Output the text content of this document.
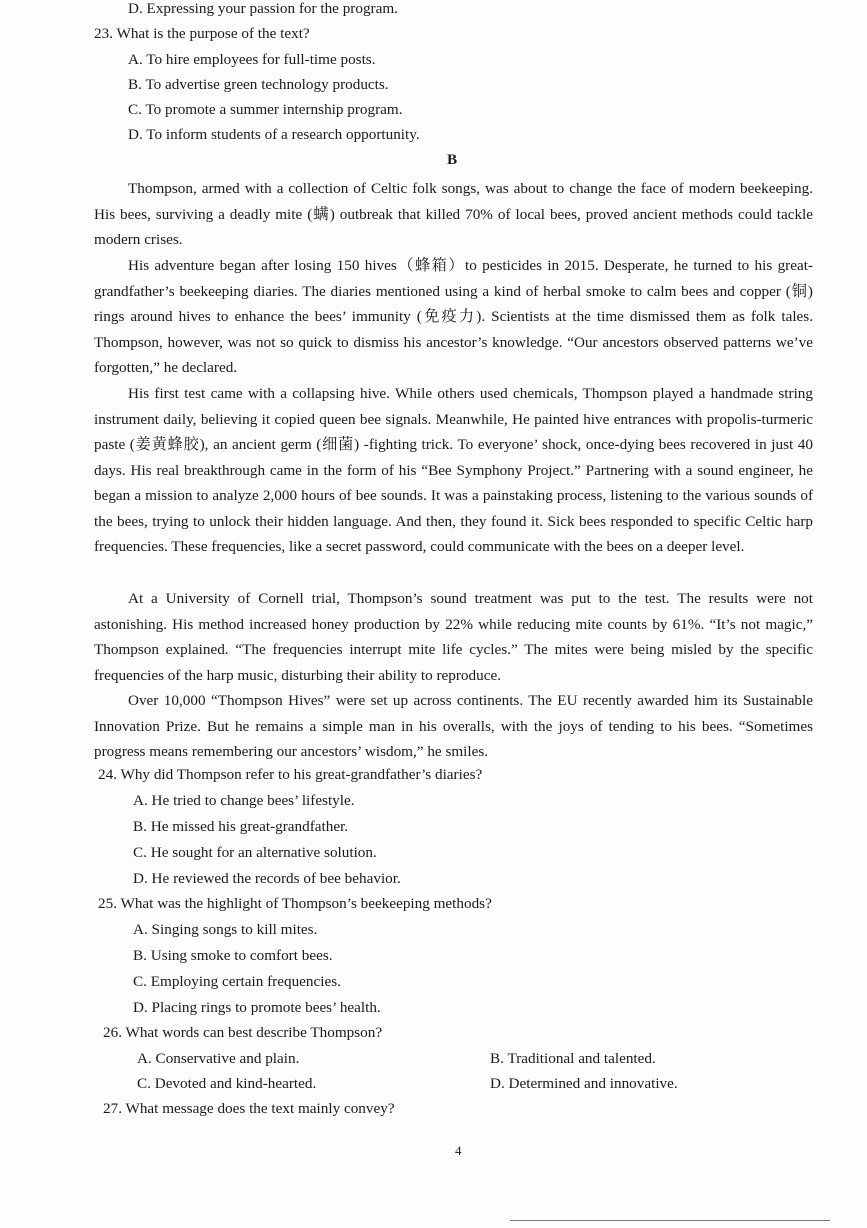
D. Expressing your passion for the program.
23. What is the purpose of the text?
A. To hire employees for full-time posts.
B. To advertise green technology products.
C. To promote a summer internship program.
D. To inform students of a research opportunity.
B
Thompson, armed with a collection of Celtic folk songs, was about to change the face of modern beekeeping. His bees, surviving a deadly mite (螨) outbreak that killed 70% of local bees, proved ancient methods could tackle modern crises.
His adventure began after losing 150 hives（蜂箱）to pesticides in 2015. Desperate, he turned to his great-grandfather’s beekeeping diaries. The diaries mentioned using a kind of herbal smoke to calm bees and copper (铜) rings around hives to enhance the bees’ immunity (免疫力). Scientists at the time dismissed them as folk tales. Thompson, however, was not so quick to dismiss his ancestor’s knowledge. “Our ancestors observed patterns we’ve forgotten,” he declared.
His first test came with a collapsing hive. While others used chemicals, Thompson played a handmade string instrument daily, believing it copied queen bee signals. Meanwhile, He painted hive entrances with propolis-turmeric paste (姜黄蜂胶), an ancient germ (细菌) -fighting trick. To everyone’ shock, once-dying bees recovered in just 40 days. His real breakthrough came in the form of his “Bee Symphony Project.” Partnering with a sound engineer, he began a mission to analyze 2,000 hours of bee sounds. It was a painstaking process, listening to the various sounds of the bees, trying to unlock their hidden language. And then, they found it. Sick bees responded to specific Celtic harp frequencies. These frequencies, like a secret password, could communicate with the bees on a deeper level.
At a University of Cornell trial, Thompson’s sound treatment was put to the test. The results were not astonishing. His method increased honey production by 22% while reducing mite counts by 61%. “It’s not magic,” Thompson explained. “The frequencies interrupt mite life cycles.” The mites were being misled by the specific frequencies of the harp music, disturbing their ability to reproduce.
Over 10,000 “Thompson Hives” were set up across continents. The EU recently awarded him its Sustainable Innovation Prize. But he remains a simple man in his overalls, with the joys of tending to his bees. “Sometimes progress means remembering our ancestors’ wisdom,” he smiles.
24. Why did Thompson refer to his great-grandfather’s diaries?
A. He tried to change bees’ lifestyle.
B. He missed his great-grandfather.
C. He sought for an alternative solution.
D. He reviewed the records of bee behavior.
25. What was the highlight of Thompson’s beekeeping methods?
A. Singing songs to kill mites.
B. Using smoke to comfort bees.
C. Employing certain frequencies.
D. Placing rings to promote bees’ health.
26. What words can best describe Thompson?
A. Conservative and plain.	B. Traditional and talented.
C. Devoted and kind-hearted.	D. Determined and innovative.
27. What message does the text mainly convey?
4
